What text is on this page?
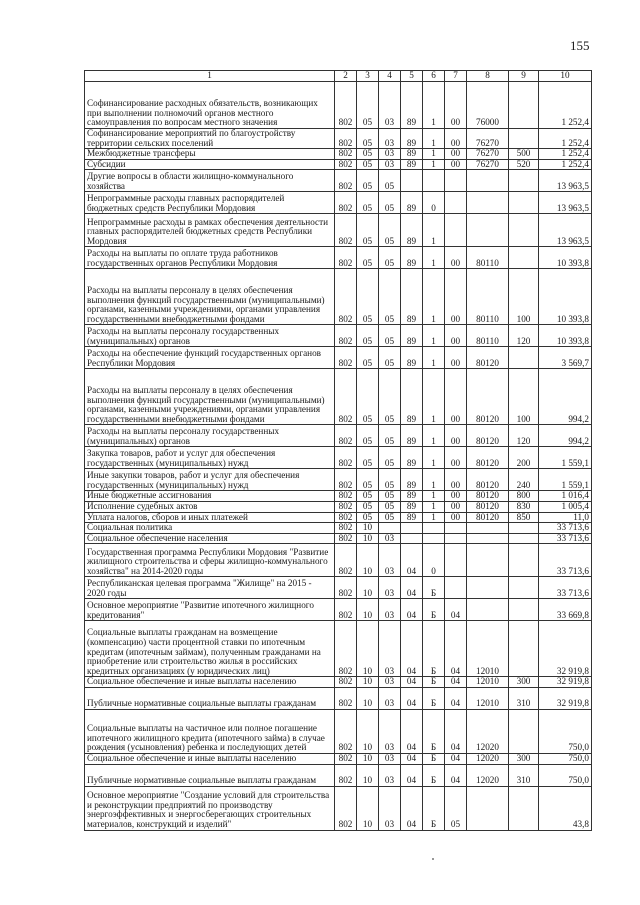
155
1	2	3	4	5	6	7	8	9	10
Софинансирование расходных обязательств, возникающих при выполнении полномочий органов местного самоуправления по вопросам местного значения	802	05	03	89	1	00	76000		1 252,4
Софинансирование мероприятий по благоустройству территории сельских поселений	802	05	03	89	1	00	76270		1 252,4
Межбюджетные трансферы	802	05	03	89	1	00	76270	500	1 252,4
Субсидии	802	05	03	89	1	00	76270	520	1 252,4
Другие вопросы в области жилищно-коммунального хозяйства	802	05	05						13 963,5
Непрограммные расходы главных распорядителей бюджетных средств Республики Мордовия	802	05	05	89	0				13 963,5
Непрограммные расходы в рамках обеспечения деятельности главных распорядителей бюджетных средств Республики Мордовия	802	05	05	89	1				13 963,5
Расходы на выплаты по оплате труда работников государственных органов Республики Мордовия	802	05	05	89	1	00	80110		10 393,8
Расходы на выплаты персоналу в целях обеспечения выполнения функций государственными (муниципальными) органами, казенными учреждениями, органами управления государственными внебюджетными фондами	802	05	05	89	1	00	80110	100	10 393,8
Расходы на выплаты персоналу государственных (муниципальных) органов	802	05	05	89	1	00	80110	120	10 393,8
Расходы на обеспечение функций государственных органов Республики Мордовия	802	05	05	89	1	00	80120		3 569,7
Расходы на выплаты персоналу в целях обеспечения выполнения функций государственными (муниципальными) органами, казенными учреждениями, органами управления государственными внебюджетными фондами	802	05	05	89	1	00	80120	100	994,2
Расходы на выплаты персоналу государственных (муниципальных) органов	802	05	05	89	1	00	80120	120	994,2
Закупка товаров, работ и услуг для обеспечения государственных (муниципальных) нужд	802	05	05	89	1	00	80120	200	1 559,1
Иные закупки товаров, работ и услуг для обеспечения государственных (муниципальных) нужд	802	05	05	89	1	00	80120	240	1 559,1
Иные бюджетные ассигнования	802	05	05	89	1	00	80120	800	1 016,4
Исполнение судебных актов	802	05	05	89	1	00	80120	830	1 005,4
Уплата налогов, сборов и иных платежей	802	05	05	89	1	00	80120	850	11,0
Социальная политика	802	10							33 713,6
Социальное обеспечение населения	802	10	03						33 713,6
Государственная программа Республики Мордовия "Развитие жилищного строительства и сферы жилищно-коммунального хозяйства" на 2014-2020 годы	802	10	03	04	0				33 713,6
Республиканская целевая программа "Жилище" на 2015 - 2020 годы	802	10	03	04	Б				33 713,6
Основное мероприятие "Развитие ипотечного жилищного кредитования"	802	10	03	04	Б	04			33 669,8
Социальные выплаты гражданам на возмещение (компенсацию) части процентной ставки по ипотечным кредитам (ипотечным займам), полученным гражданами на приобретение или строительство жилья в российских кредитных организациях (у юридических лиц)	802	10	03	04	Б	04	12010		32 919,8
Социальное обеспечение и иные выплаты населению	802	10	03	04	Б	04	12010	300	32 919,8
Публичные нормативные социальные выплаты гражданам	802	10	03	04	Б	04	12010	310	32 919,8
Социальные выплаты на частичное или полное погашение ипотечного жилищного кредита (ипотечного займа) в случае рождения (усыновления) ребенка и последующих детей	802	10	03	04	Б	04	12020		750,0
Социальное обеспечение и иные выплаты населению	802	10	03	04	Б	04	12020	300	750,0
Публичные нормативные социальные выплаты гражданам	802	10	03	04	Б	04	12020	310	750,0
Основное мероприятие "Создание условий для строительства и реконструкции предприятий по производству энергоэффективных и энергосберегающих строительных материалов, конструкций и изделий"	802	10	03	04	Б	05			43,8
